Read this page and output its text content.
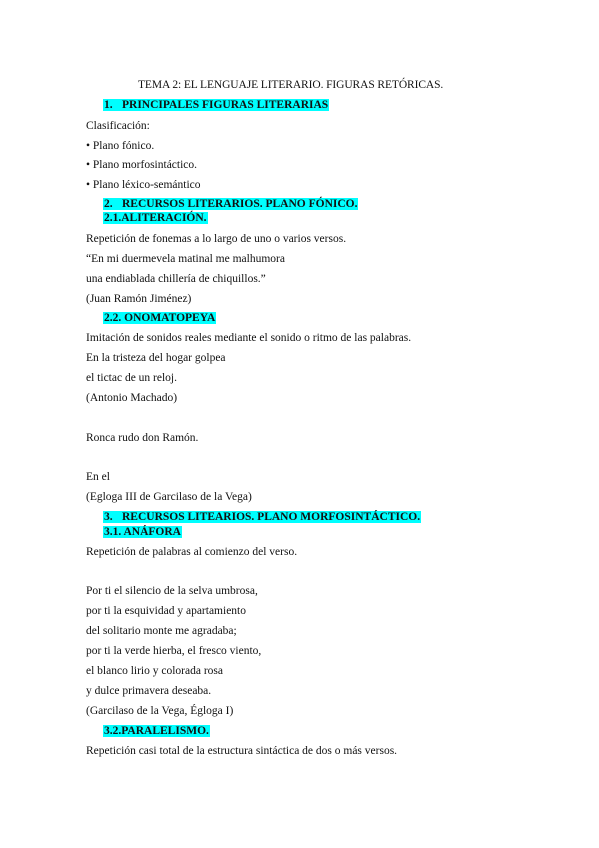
TEMA 2: EL LENGUAJE LITERARIO. FIGURAS RETÓRICAS.
1. PRINCIPALES FIGURAS LITERARIAS
Clasificación:
• Plano fónico.
• Plano morfosintáctico.
• Plano léxico-semántico
2. RECURSOS LITERARIOS. PLANO FÓNICO.
2.1.ALITERACIÓN.
Repetición de fonemas a lo largo de uno o varios versos.
“En mi duermevela matinal me malhumora
una endiablada chillería de chiquillos.”
(Juan Ramón Jiménez)
2.2. ONOMATOPEYA
Imitación de sonidos reales mediante el sonido o ritmo de las palabras.
En la tristeza del hogar golpea
el tictac de un reloj.
(Antonio Machado)
Ronca rudo don Ramón.
En el
(Egloga III de Garcilaso de la Vega)
3. RECURSOS LITEARIOS. PLANO MORFOSINTÁCTICO.
3.1. ANÁFORA
Repetición de palabras al comienzo del verso.
Por ti el silencio de la selva umbrosa,
por ti la esquividad y apartamiento
del solitario monte me agradaba;
por ti la verde hierba, el fresco viento,
el blanco lirio y colorada rosa
y dulce primavera deseaba.
(Garcilaso de la Vega, Égloga I)
3.2.PARALELISMO.
Repetición casi total de la estructura sintáctica de dos o más versos.
